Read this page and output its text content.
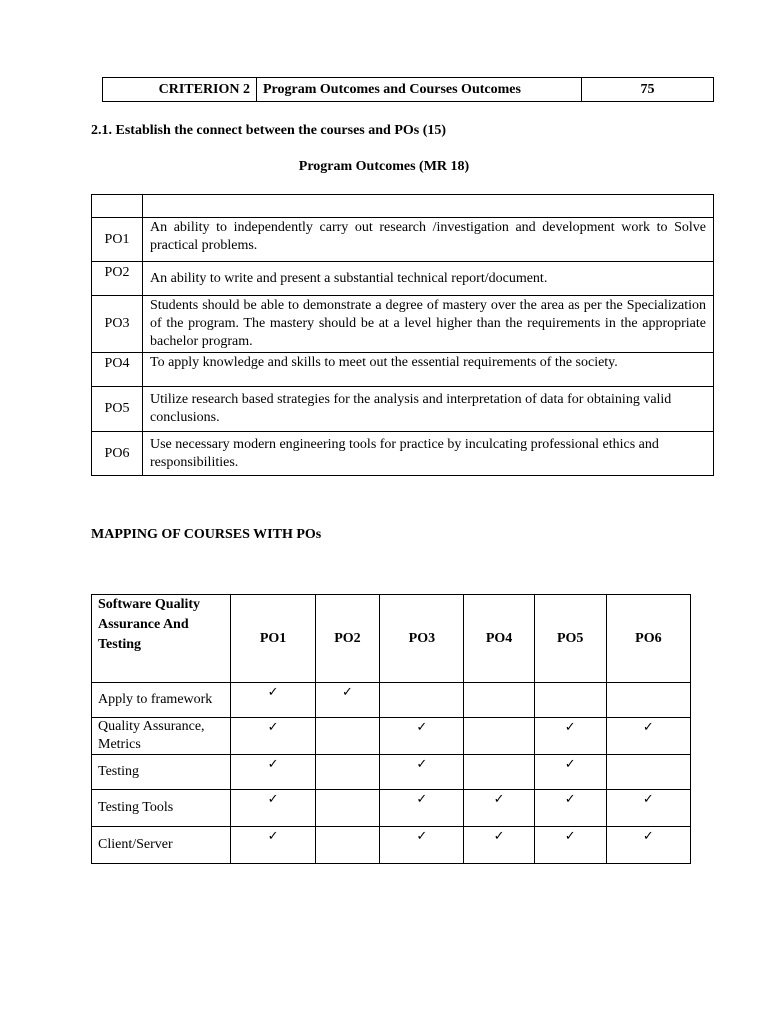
CRITERION 2	Program Outcomes and Courses Outcomes	75

2.1. Establish the connect between the courses and POs (15)

Program Outcomes (MR 18)

PO1	An ability to independently carry out research /investigation and development work to Solve practical problems.
PO2	An ability to write and present a substantial technical report/document.
PO3	Students should be able to demonstrate a degree of mastery over the area as per the Specialization of the program. The mastery should be at a level higher than the requirements in the appropriate bachelor program.
PO4	To apply knowledge and skills to meet out the essential requirements of the society.
PO5	Utilize research based strategies for the analysis and interpretation of data for obtaining valid conclusions.
PO6	Use necessary modern engineering tools for practice by inculcating professional ethics and responsibilities.

MAPPING OF COURSES WITH POs

Software Quality Assurance And Testing	PO1	PO2	PO3	PO4	PO5	PO6
Apply to framework	✓	✓				
Quality Assurance, Metrics	✓		✓		✓	✓
Testing	✓		✓		✓	
Testing Tools	✓		✓	✓	✓	✓
Client/Server	✓		✓	✓	✓	✓
